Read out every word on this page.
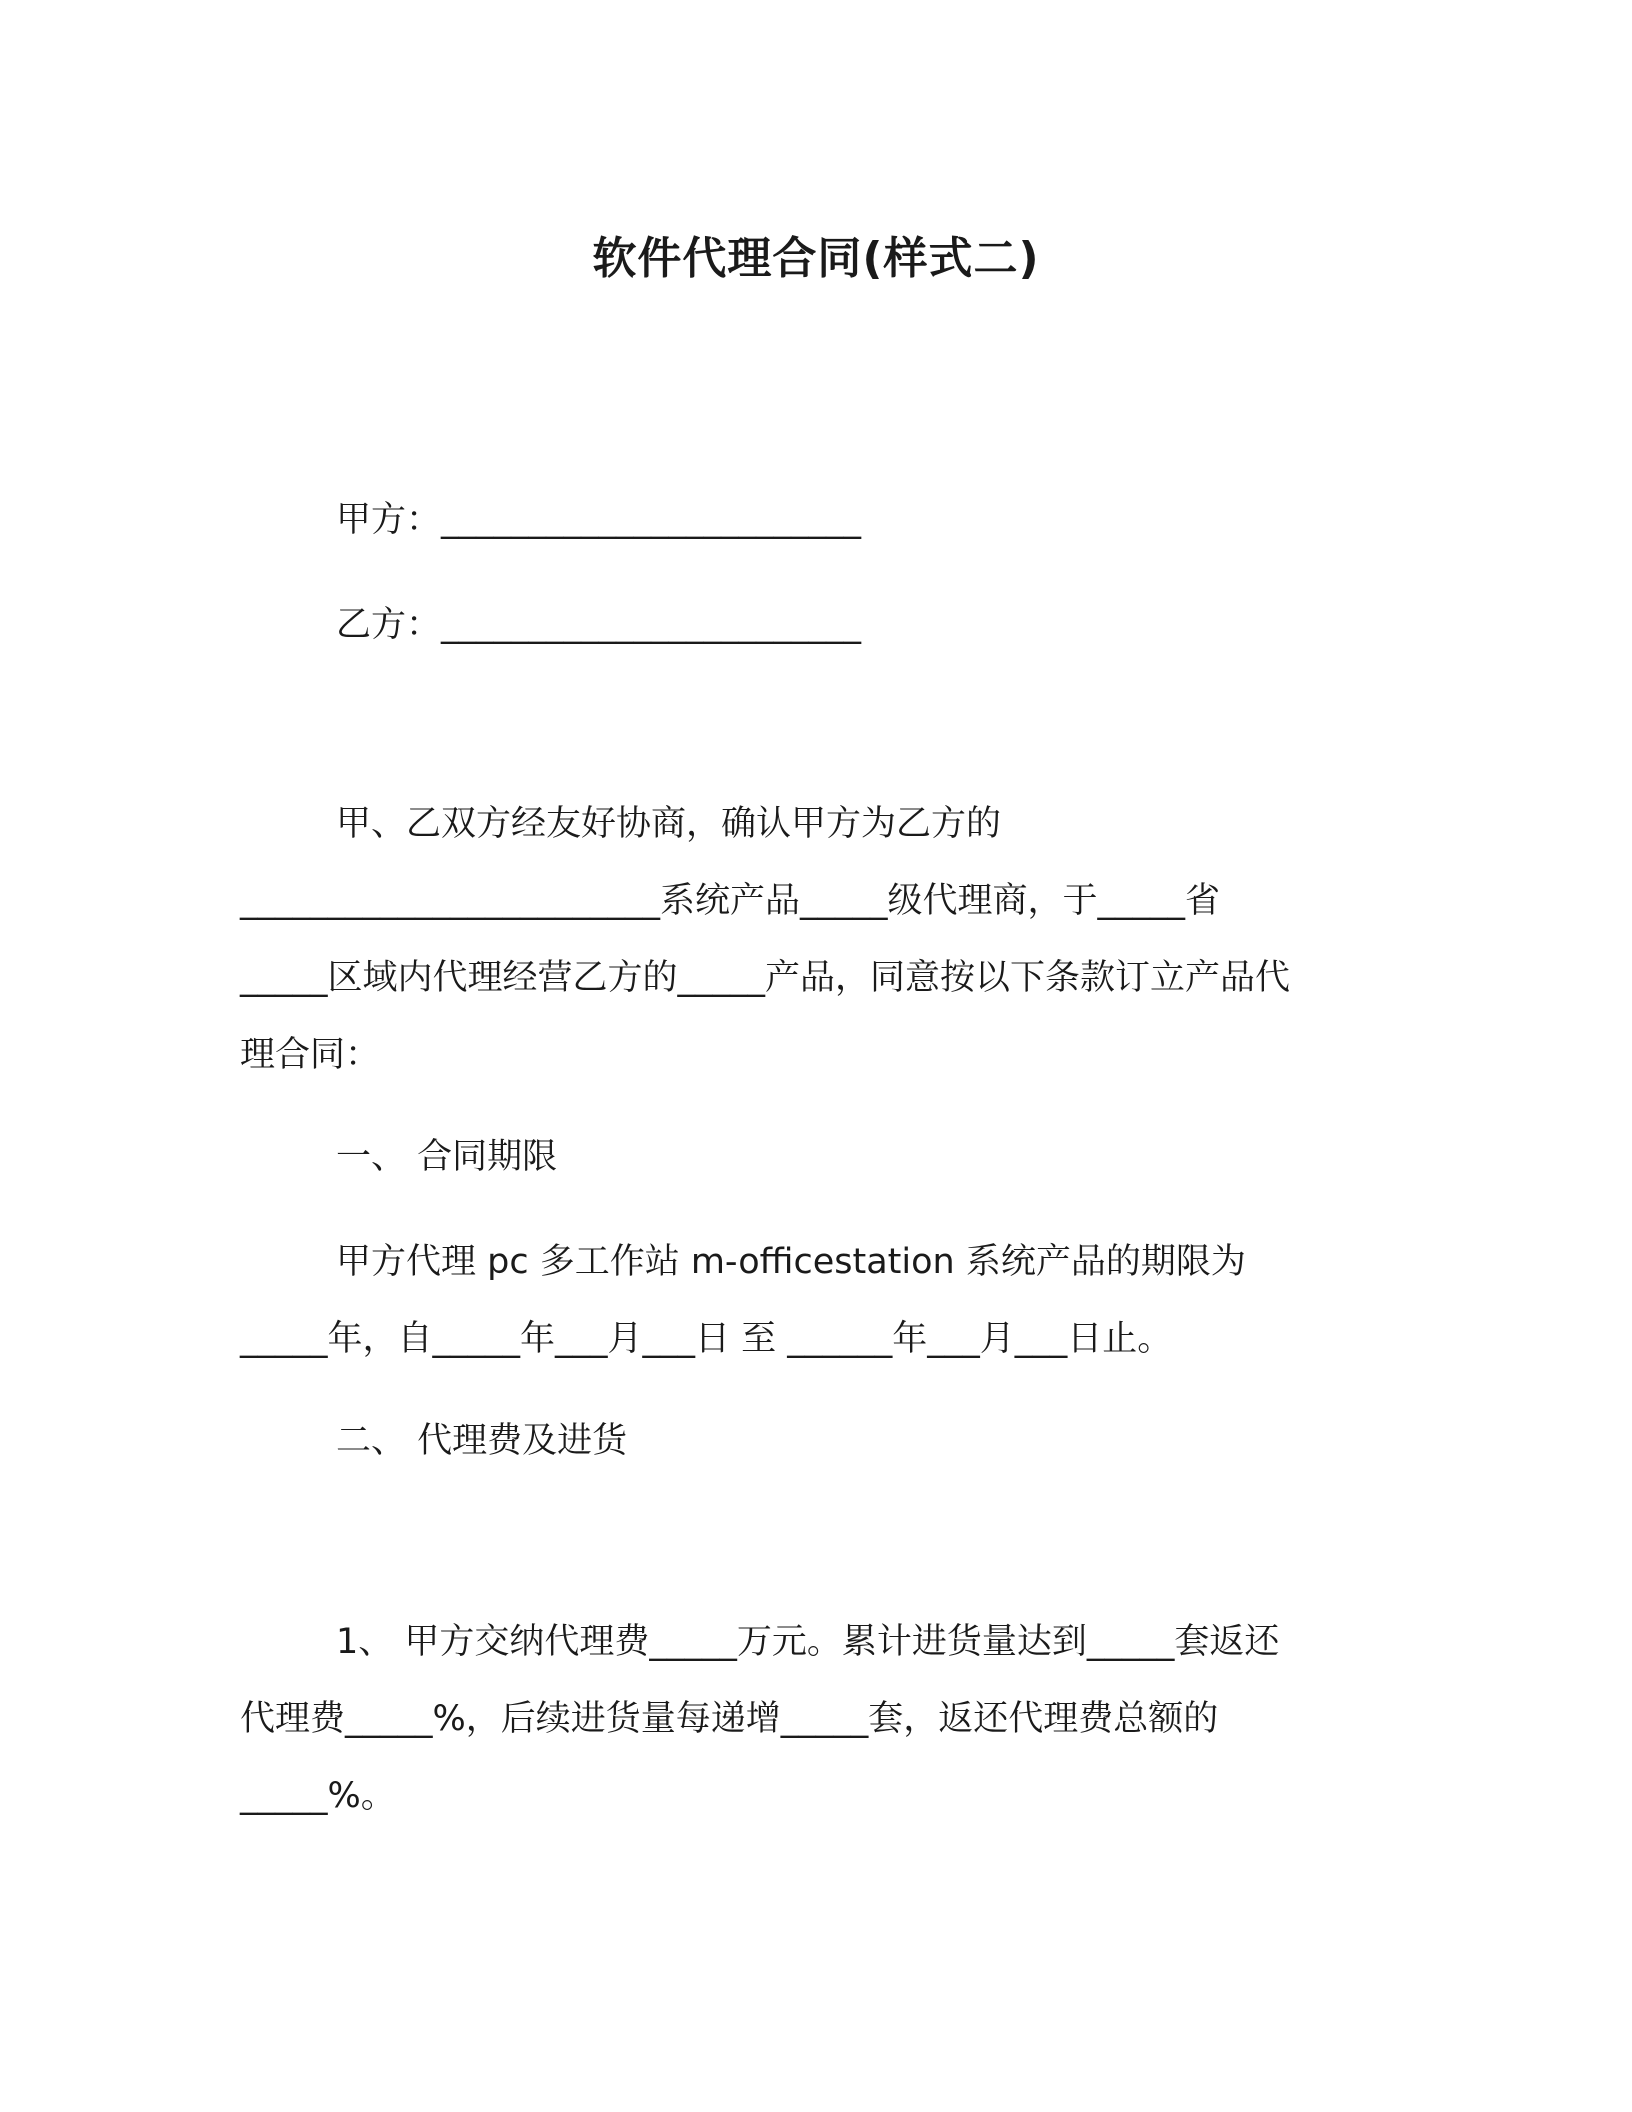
软件代理合同(样式二)
甲方：________________________
乙方：________________________
甲、乙双方经友好协商，确认甲方为乙方的
________________________系统产品_____级代理商，于_____省
_____区域内代理经营乙方的_____产品，同意按以下条款订立产品代
理合同：
一、 合同期限
甲方代理 pc 多工作站 m-officestation 系统产品的期限为
_____年，自_____年___月___日 至 ______年___月___日止。
二、 代理费及进货
1、 甲方交纳代理费_____万元。累计进货量达到_____套返还
代理费_____%，后续进货量每递增_____套，返还代理费总额的
_____%。
